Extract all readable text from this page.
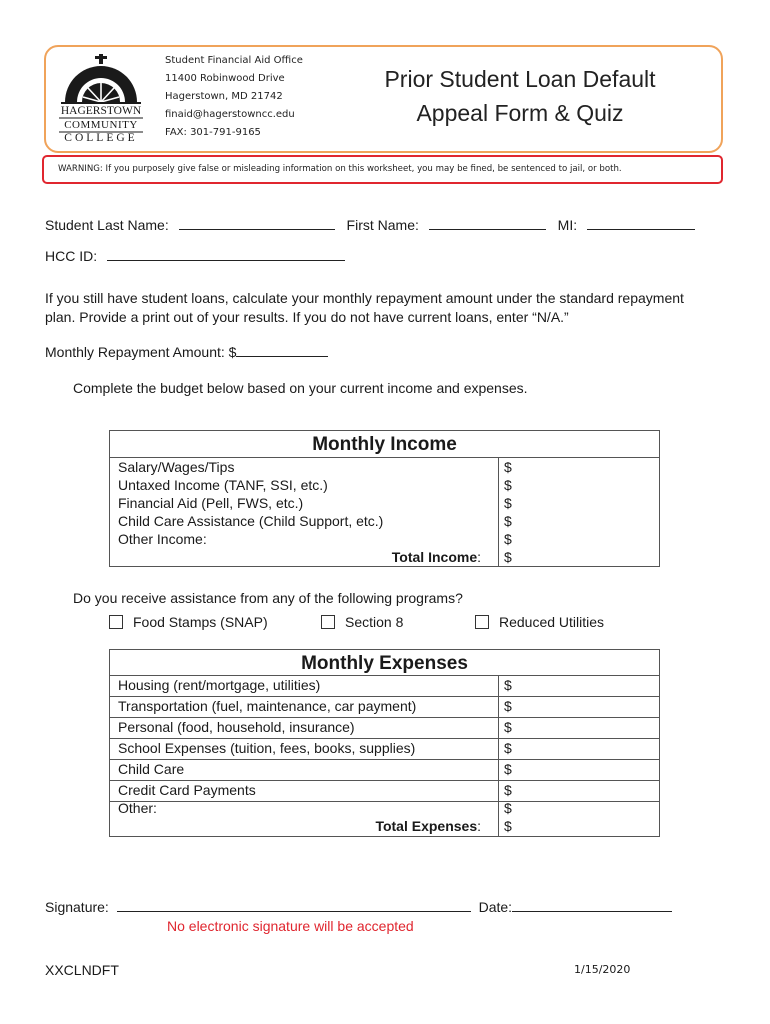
HAGERSTOWN
COMMUNITY
COLLEGE
Student Financial Aid Office
11400 Robinwood Drive
Hagerstown, MD 21742
finaid@hagerstowncc.edu
FAX: 301-791-9165
Prior Student Loan Default
Appeal Form & Quiz
WARNING: If you purposely give false or misleading information on this worksheet, you may be fined, be sentenced to jail, or both.
Student Last Name:	First Name:	MI:
HCC ID:
If you still have student loans, calculate your monthly repayment amount under the standard repayment plan. Provide a print out of your results. If you do not have current loans, enter “N/A.”
Monthly Repayment Amount: $
Complete the budget below based on your current income and expenses.
Monthly Income
Salary/Wages/Tips	$
Untaxed Income (TANF, SSI, etc.)	$
Financial Aid (Pell, FWS, etc.)	$
Child Care Assistance (Child Support, etc.)	$
Other Income:	$
Total Income: $
Do you receive assistance from any of the following programs?
Food Stamps (SNAP)	Section 8	Reduced Utilities
Monthly Expenses
Housing (rent/mortgage, utilities)	$
Transportation (fuel, maintenance, car payment)	$
Personal (food, household, insurance)	$
School Expenses (tuition, fees, books, supplies)	$
Child Care	$
Credit Card Payments	$
Other:	$
Total Expenses: $
Signature:	Date:
No electronic signature will be accepted
XXCLNDFT	1/15/2020
